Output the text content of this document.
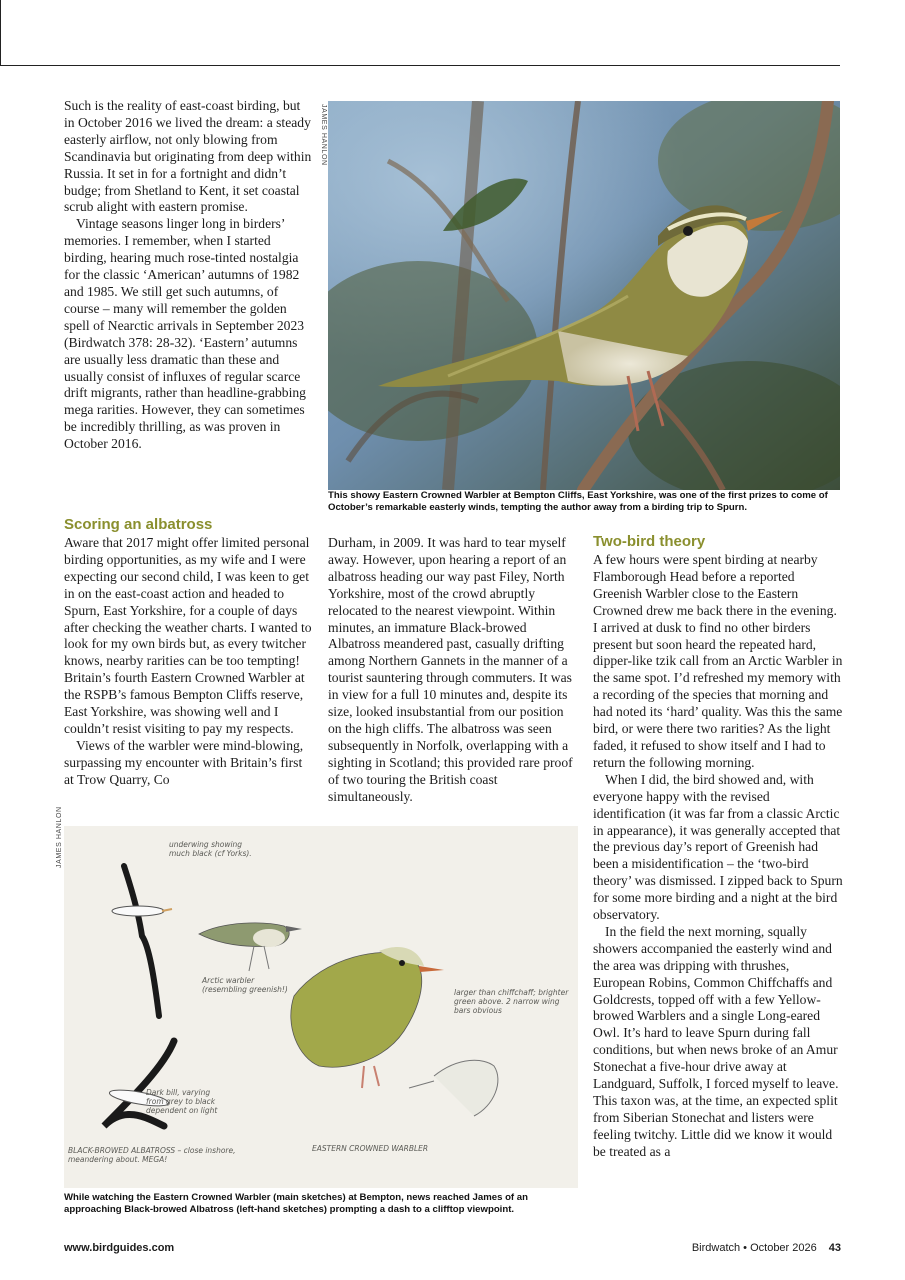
Such is the reality of east-coast birding, but in October 2016 we lived the dream: a steady easterly airflow, not only blowing from Scandinavia but originating from deep within Russia. It set in for a fortnight and didn’t budge; from Shetland to Kent, it set coastal scrub alight with eastern promise.

Vintage seasons linger long in birders’ memories. I remember, when I started birding, hearing much rose-tinted nostalgia for the classic ‘American’ autumns of 1982 and 1985. We still get such autumns, of course – many will remember the golden spell of Nearctic arrivals in September 2023 (Birdwatch 378: 28-32). ‘Eastern’ autumns are usually less dramatic than these and usually consist of influxes of regular scarce drift migrants, rather than headline-grabbing mega rarities. However, they can sometimes be incredibly thrilling, as was proven in October 2016.

JAMES HANLON
This showy Eastern Crowned Warbler at Bempton Cliffs, East Yorkshire, was one of the first prizes to come of October’s remarkable easterly winds, tempting the author away from a birding trip to Spurn.
Scoring an albatross

Aware that 2017 might offer limited personal birding opportunities, as my wife and I were expecting our second child, I was keen to get in on the east-coast action and headed to Spurn, East Yorkshire, for a couple of days after checking the weather charts. I wanted to look for my own birds but, as every twitcher knows, nearby rarities can be too tempting! Britain’s fourth Eastern Crowned Warbler at the RSPB’s famous Bempton Cliffs reserve, East Yorkshire, was showing well and I couldn’t resist visiting to pay my respects.

Views of the warbler were mind-blowing, surpassing my encounter with Britain’s first at Trow Quarry, Co

Durham, in 2009. It was hard to tear myself away. However, upon hearing a report of an albatross heading our way past Filey, North Yorkshire, most of the crowd abruptly relocated to the nearest viewpoint. Within minutes, an immature Black-browed Albatross meandered past, casually drifting among Northern Gannets in the manner of a tourist sauntering through commuters. It was in view for a full 10 minutes and, despite its size, looked insubstantial from our position on the high cliffs. The albatross was seen subsequently in Norfolk, overlapping with a sighting in Scotland; this provided rare proof of two touring the British coast simultaneously.

Two-bird theory

A few hours were spent birding at nearby Flamborough Head before a reported Greenish Warbler close to the Eastern Crowned drew me back there in the evening. I arrived at dusk to find no other birders present but soon heard the repeated hard, dipper-like tzik call from an Arctic Warbler in the same spot. I’d refreshed my memory with a recording of the species that morning and had noted its ‘hard’ quality. Was this the same bird, or were there two rarities? As the light faded, it refused to show itself and I had to return the following morning.

When I did, the bird showed and, with everyone happy with the revised identification (it was far from a classic Arctic in appearance), it was generally accepted that the previous day’s report of Greenish had been a misidentification – the ‘two-bird theory’ was dismissed. I zipped back to Spurn for some more birding and a night at the bird observatory.

In the field the next morning, squally showers accompanied the easterly wind and the area was dripping with thrushes, European Robins, Common Chiffchaffs and Goldcrests, topped off with a few Yellow-browed Warblers and a single Long-eared Owl. It’s hard to leave Spurn during fall conditions, but when news broke of an Amur Stonechat a five-hour drive away at Landguard, Suffolk, I forced myself to leave. This taxon was, at the time, an expected split from Siberian Stonechat and listers were feeling twitchy. Little did we know it would be treated as a

JAMES HANLON	underwing showing much black (cf Yorks).
Arctic warbler (resembling greenish!)	larger than chiffchaff; brighter green above. 2 narrow wing bars obvious
Dark bill, varying from grey to black dependent on light
BLACK-BROWED ALBATROSS – close inshore, meandering about. MEGA!
EASTERN CROWNED WARBLER
While watching the Eastern Crowned Warbler (main sketches) at Bempton, news reached James of an approaching Black-browed Albatross (left-hand sketches) prompting a dash to a clifftop viewpoint.
www.birdguides.com	Birdwatch • October 2026 43
